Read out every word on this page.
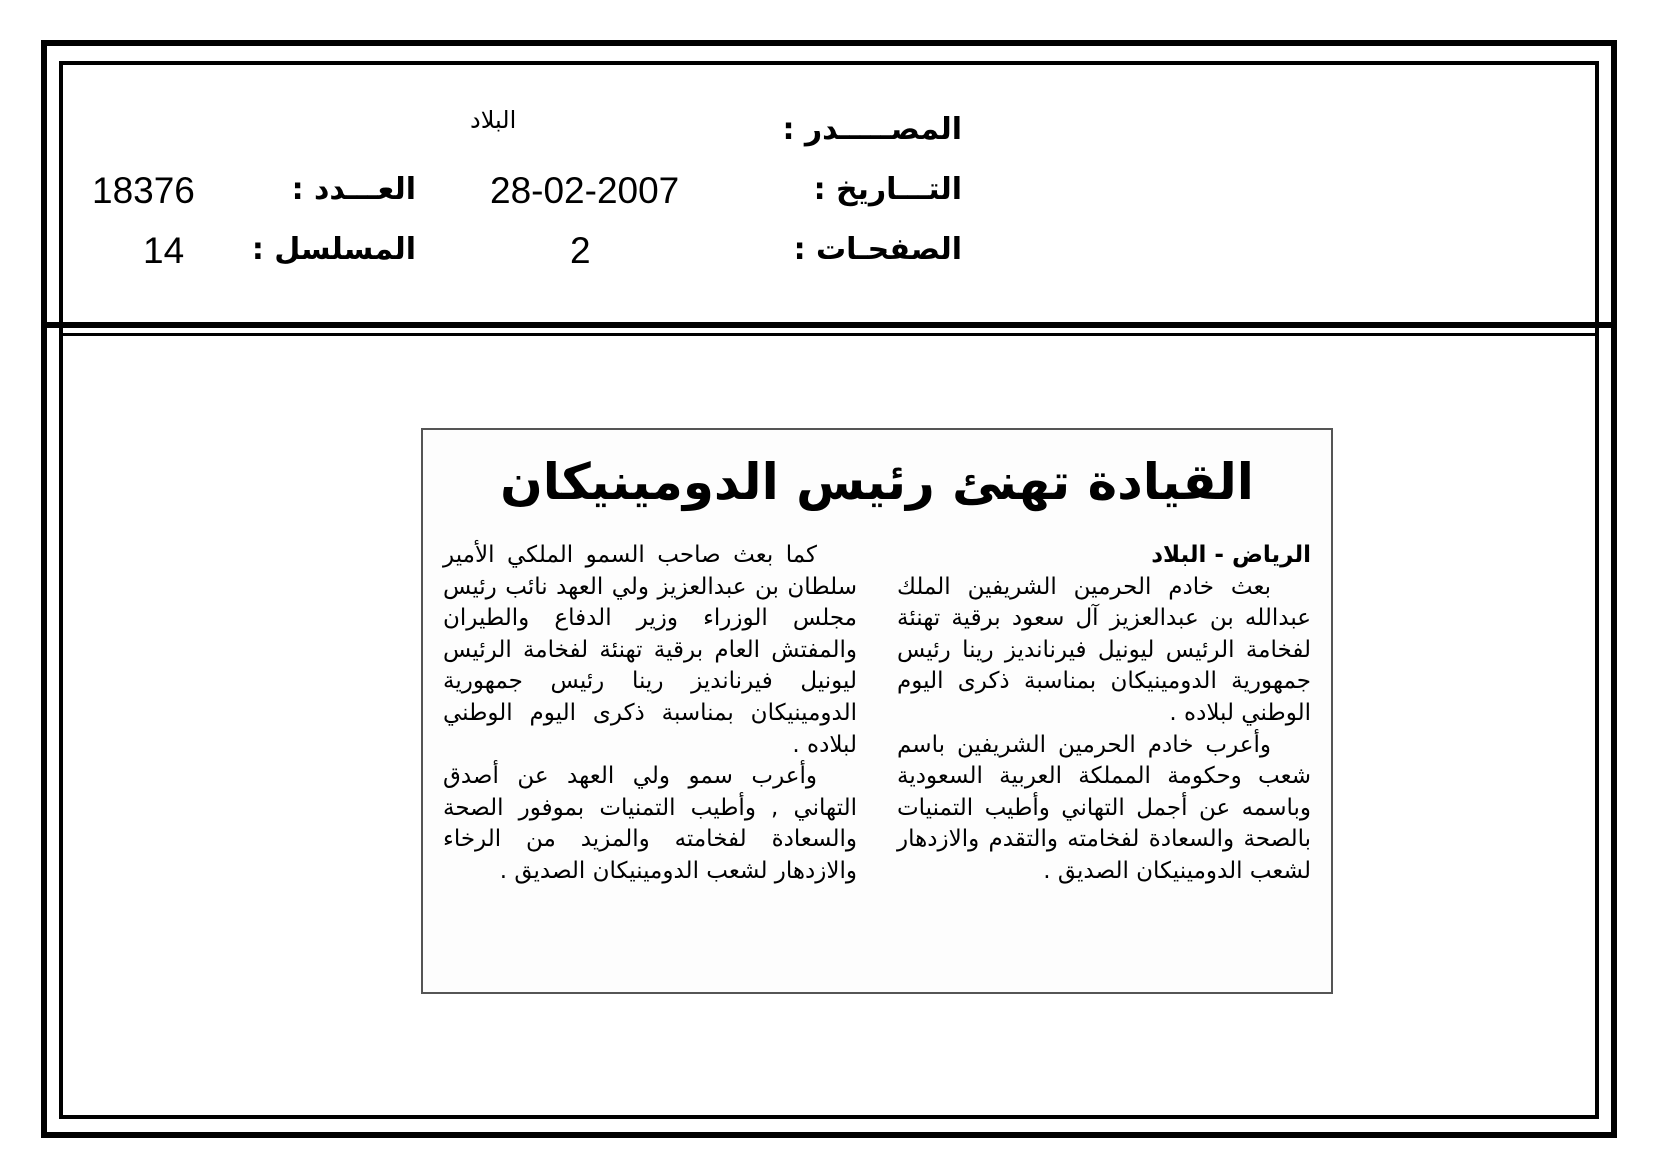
المصـــــدر :
البلاد
التـــاريخ :
28-02-2007
الصفحـات :
2
العـــدد :
18376
المسلسل :
14
القيادة تهنئ رئيس الدومينيكان
الرياض - البلاد
بعث خادم الحرمين الشريفين الملك عبدالله بن عبدالعزيز آل سعود برقية تهنئة لفخامة الرئيس ليونيل فيرنانديز رينا رئيس جمهورية الدومينيكان بمناسبة ذكرى اليوم الوطني لبلاده .
وأعرب خادم الحرمين الشريفين باسم شعب وحكومة المملكة العربية السعودية وباسمه عن أجمل التهاني وأطيب التمنيات بالصحة والسعادة لفخامته والتقدم والازدهار لشعب الدومينيكان الصديق .
كما بعث صاحب السمو الملكي الأمير سلطان بن عبدالعزيز ولي العهد نائب رئيس مجلس الوزراء وزير الدفاع والطيران والمفتش العام برقية تهنئة لفخامة الرئيس ليونيل فيرنانديز رينا رئيس جمهورية الدومينيكان بمناسبة ذكرى اليوم الوطني لبلاده .
وأعرب سمو ولي العهد عن أصدق التهاني , وأطيب التمنيات بموفور الصحة والسعادة لفخامته والمزيد من الرخاء والازدهار لشعب الدومينيكان الصديق .
